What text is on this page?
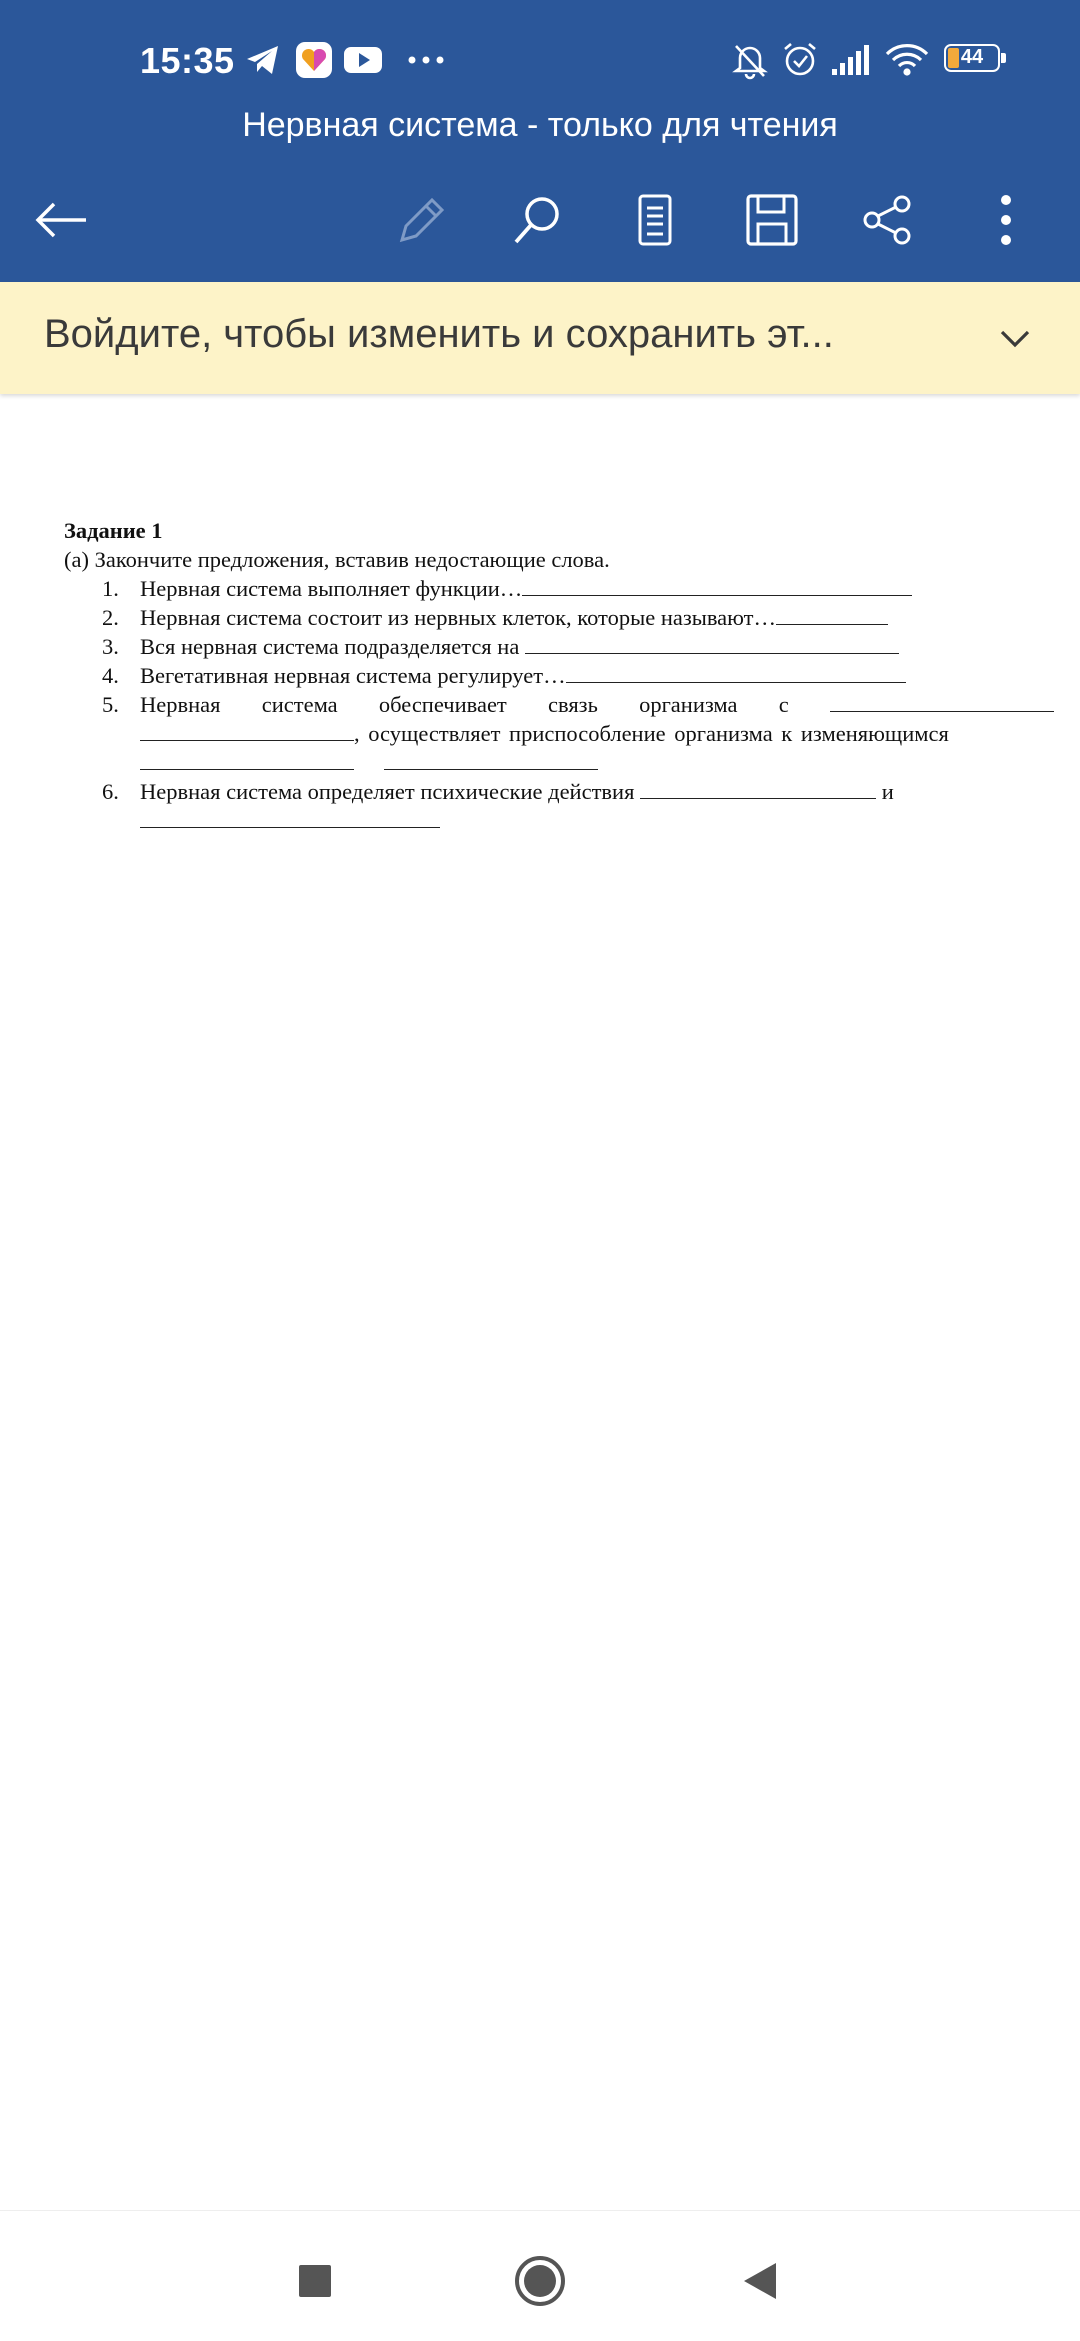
15:35	44
Нервная система - только для чтения
Войдите, чтобы изменить и сохранить эт...
Задание 1
(а) Закончите предложения, вставив недостающие слова.
1. Нервная система выполняет функции…
2. Нервная система состоит из нервных клеток, которые называют…
3. Вся нервная система подразделяется на
4. Вегетативная нервная система регулирует…
5. Нервная система обеспечивает связь организма с
, осуществляет приспособление организма к изменяющимся

6. Нервная система определяет психические действия	и
